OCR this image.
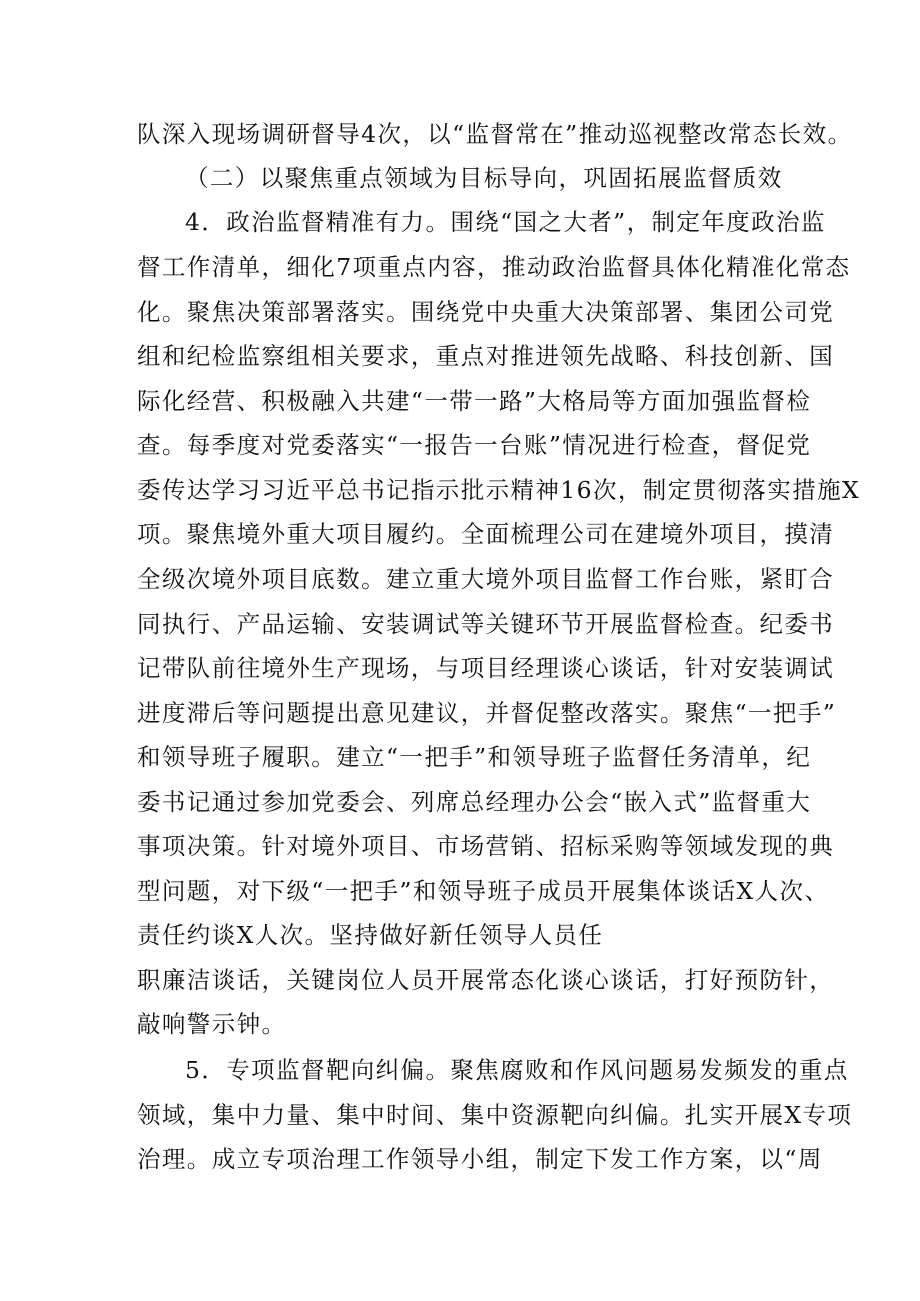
队深入现场调研督导4次，以“监督常在”推动巡视整改常态长效。
（二）以聚焦重点领域为目标导向，巩固拓展监督质效
4．政治监督精准有力。围绕“国之大者”，制定年度政治监
督工作清单，细化7项重点内容，推动政治监督具体化精准化常态
化。聚焦决策部署落实。围绕党中央重大决策部署、集团公司党
组和纪检监察组相关要求，重点对推进领先战略、科技创新、国
际化经营、积极融入共建“一带一路”大格局等方面加强监督检
查。每季度对党委落实“一报告一台账”情况进行检查，督促党
委传达学习习近平总书记指示批示精神16次，制定贯彻落实措施X
项。聚焦境外重大项目履约。全面梳理公司在建境外项目，摸清
全级次境外项目底数。建立重大境外项目监督工作台账，紧盯合
同执行、产品运输、安装调试等关键环节开展监督检查。纪委书
记带队前往境外生产现场，与项目经理谈心谈话，针对安装调试
进度滞后等问题提出意见建议，并督促整改落实。聚焦“一把手”
和领导班子履职。建立“一把手”和领导班子监督任务清单，纪
委书记通过参加党委会、列席总经理办公会“嵌入式”监督重大
事项决策。针对境外项目、市场营销、招标采购等领域发现的典
型问题，对下级“一把手”和领导班子成员开展集体谈话X人次、
责任约谈X人次。坚持做好新任领导人员任
职廉洁谈话，关键岗位人员开展常态化谈心谈话，打好预防针，
敲响警示钟。
5．专项监督靶向纠偏。聚焦腐败和作风问题易发频发的重点
领域，集中力量、集中时间、集中资源靶向纠偏。扎实开展X专项
治理。成立专项治理工作领导小组，制定下发工作方案，以“周
